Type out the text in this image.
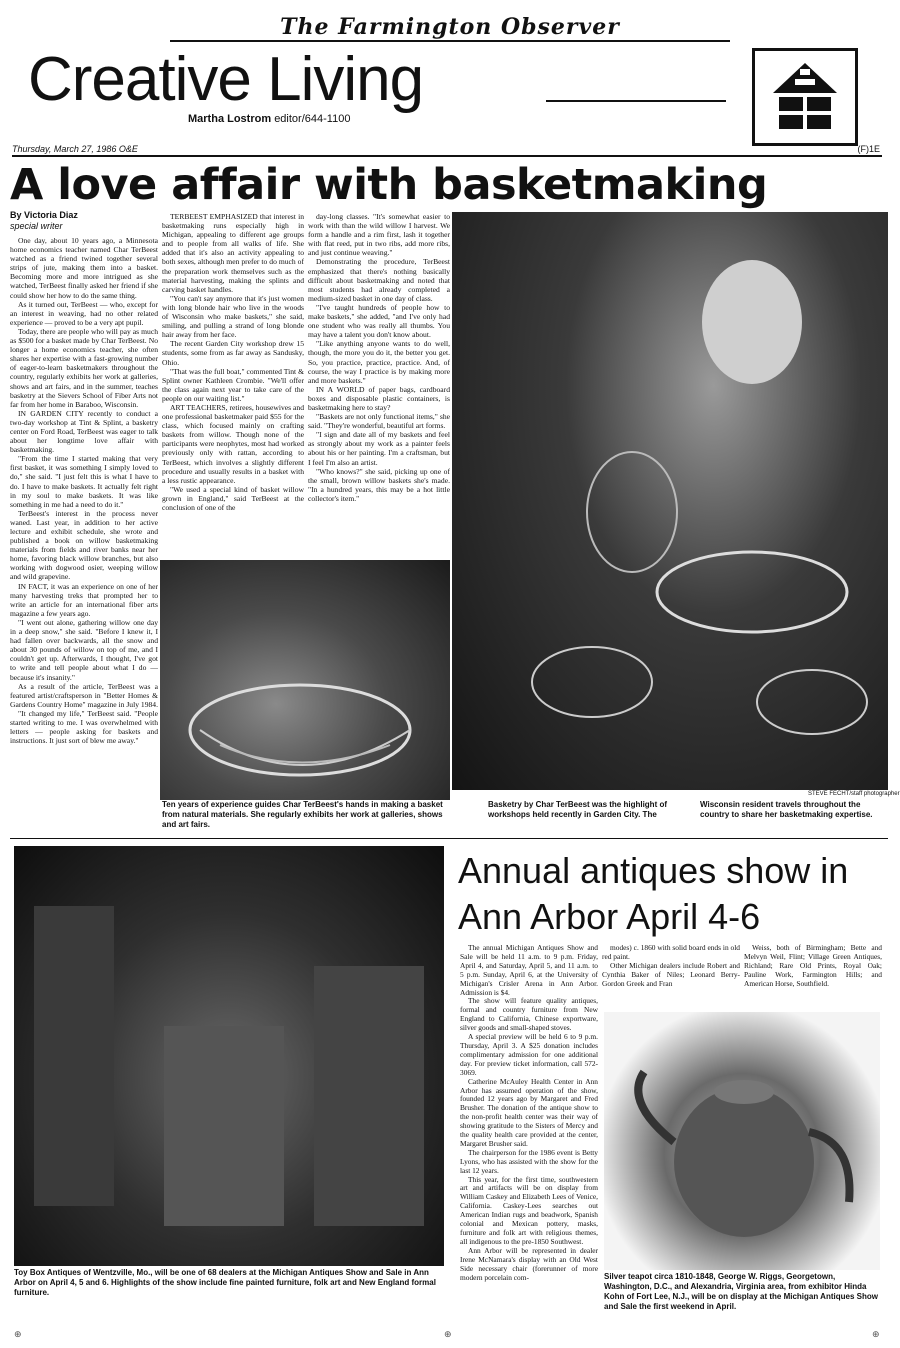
The Farmington Observer
Creative Living
Martha Lostrom editor/644-1100
Thursday, March 27, 1986 O&E	(F)1E
A love affair with basketmaking
By Victoria Diaz
special writer

One day, about 10 years ago, a Minnesota home economics teacher named Char TerBeest watched as a friend twined together several strips of jute, making them into a basket. Becoming more and more intrigued as she watched, TerBeest finally asked her friend if she could show her how to do the same thing.

As it turned out, TerBeest — who, except for an interest in weaving, had no other related experience — proved to be a very apt pupil.

Today, there are people who will pay as much as $500 for a basket made by Char TerBeest. No longer a home economics teacher, she often shares her expertise with a fast-growing number of eager-to-learn basketmakers throughout the country, regularly exhibits her work at galleries, shows and art fairs, and in the summer, teaches basketry at the Sievers School of Fiber Arts not far from her home in Baraboo, Wisconsin.

IN GARDEN CITY recently to conduct a two-day workshop at Tint & Splint, a basketry center on Ford Road, TerBeest was eager to talk about her longtime love affair with basketmaking.

"From the time I started making that very first basket, it was something I simply loved to do," she said. "I just felt this is what I have to do. I have to make baskets. It actually felt right in my soul to make baskets. It was like something in me had a need to do it."

TerBeest's interest in the process never waned. Last year, in addition to her active lecture and exhibit schedule, she wrote and published a book on willow basketmaking materials from fields and river banks near her home, favoring black willow branches, but also working with dogwood osier, weeping willow and wild grapevine.

IN FACT, it was an experience on one of her many harvesting treks that prompted her to write an article for an international fiber arts magazine a few years ago.

"I went out alone, gathering willow one day in a deep snow," she said. "Before I knew it, I had fallen over backwards, all the snow and about 30 pounds of willow on top of me, and I couldn't get up. Afterwards, I thought, I've got to write and tell people about what I do — because it's insanity."

As a result of the article, TerBeest was a featured artist/craftsperson in "Better Homes & Gardens Country Home" magazine in July 1984.

"It changed my life," TerBeest said. "People started writing to me. I was overwhelmed with letters — people asking for baskets and instructions. It just sort of blew me away."

TERBEEST EMPHASIZED that interest in basketmaking runs especially high in Michigan, appealing to different age groups and to people from all walks of life. She added that it's also an activity appealing to both sexes, although men prefer to do much of the preparation work themselves such as the material harvesting, making the splints and carving basket handles.

"You can't say anymore that it's just women with long blonde hair who live in the woods of Wisconsin who make baskets," she said, smiling, and pulling a strand of long blonde hair away from her face.

The recent Garden City workshop drew 15 students, some from as far away as Sandusky, Ohio.

"That was the full boat," commented Tint & Splint owner Kathleen Crombie. "We'll offer the class again next year to take care of the people on our waiting list."

ART TEACHERS, retirees, housewives and one professional basketmaker paid $55 for the class, which focused mainly on crafting baskets from willow. Though none of the participants were neophytes, most had worked previously only with rattan, according to TerBeest, which involves a slightly different procedure and usually results in a basket with a less rustic appearance.

"We used a special kind of basket willow grown in England," said TerBeest at the conclusion of one of the

day-long classes. "It's somewhat easier to work with than the wild willow I harvest. We form a handle and a rim first, lash it together with flat reed, put in two ribs, add more ribs, and just continue weaving."

Demonstrating the procedure, TerBeest emphasized that there's nothing basically difficult about basketmaking and noted that most students had already completed a medium-sized basket in one day of class.

"I've taught hundreds of people how to make baskets," she added, "and I've only had one student who was really all thumbs. You may have a talent you don't know about.

"Like anything anyone wants to do well, though, the more you do it, the better you get. So, you practice, practice, practice. And, of course, the way I practice is by making more and more baskets."

IN A WORLD of paper bags, cardboard boxes and disposable plastic containers, is basketmaking here to stay?

"Baskets are not only functional items," she said. "They're wonderful, beautiful art forms.

"I sign and date all of my baskets and feel as strongly about my work as a painter feels about his or her painting. I'm a craftsman, but I feel I'm also an artist.

"Who knows?" she said, picking up one of the small, brown willow baskets she's made. "In a hundred years, this may be a hot little collector's item."

STEVE FECHT/staff photographer
Ten years of experience guides Char TerBeest's hands in making a basket from natural materials. She regularly exhibits her work at galleries, shows and art fairs.
Basketry by Char TerBeest was the highlight of workshops held recently in Garden City. The
Wisconsin resident travels throughout the country to share her basketmaking expertise.
Annual antiques show in Ann Arbor April 4-6

The annual Michigan Antiques Show and Sale will be held 11 a.m. to 9 p.m. Friday, April 4, and Saturday, April 5, and 11 a.m. to 5 p.m. Sunday, April 6, at the University of Michigan's Crisler Arena in Ann Arbor. Admission is $4.

The show will feature quality antiques, formal and country furniture from New England to California, Chinese exportware, silver goods and small-shaped stoves.

A special preview will be held 6 to 9 p.m. Thursday, April 3. A $25 donation includes complimentary admission for one additional day. For preview ticket information, call 572-3069.

Catherine McAuley Health Center in Ann Arbor has assumed operation of the show, founded 12 years ago by Margaret and Fred Brusher. The donation of the antique show to the non-profit health center was their way of showing gratitude to the Sisters of Mercy and the quality health care provided at the center, Margaret Brusher said.

The chairperson for the 1986 event is Betty Lyons, who has assisted with the show for the last 12 years.

This year, for the first time, southwestern art and artifacts will be on display from William Caskey and Elizabeth Lees of Venice, California. Caskey-Lees searches out American Indian rugs and beadwork, Spanish colonial and Mexican pottery, masks, furniture and folk art with religious themes, all indigenous to the pre-1850 Southwest.

Ann Arbor will be represented in dealer Irene McNamara's display with an Old West Side necessary chair (forerunner of more modern porcelain com-

modes) c. 1860 with solid board ends in old red paint.

Other Michigan dealers include Robert and Cynthia Baker of Niles; Leonard Berry-Gordon Greek and Fran

Weiss, both of Birmingham; Bette and Melvyn Weil, Flint; Village Green Antiques, Richland; Rare Old Prints, Royal Oak; Pauline Work, Farmington Hills; and American Horse, Southfield.

Toy Box Antiques of Wentzville, Mo., will be one of 68 dealers at the Michigan Antiques Show and Sale in Ann Arbor on April 4, 5 and 6. Highlights of the show include fine painted furniture, folk art and New England formal furniture.
Silver teapot circa 1810-1848, George W. Riggs, Georgetown, Washington, D.C., and Alexandria, Virginia area, from exhibitor Hinda Kohn of Fort Lee, N.J., will be on display at the Michigan Antiques Show and Sale the first weekend in April.
⊕	⊕	⊕
